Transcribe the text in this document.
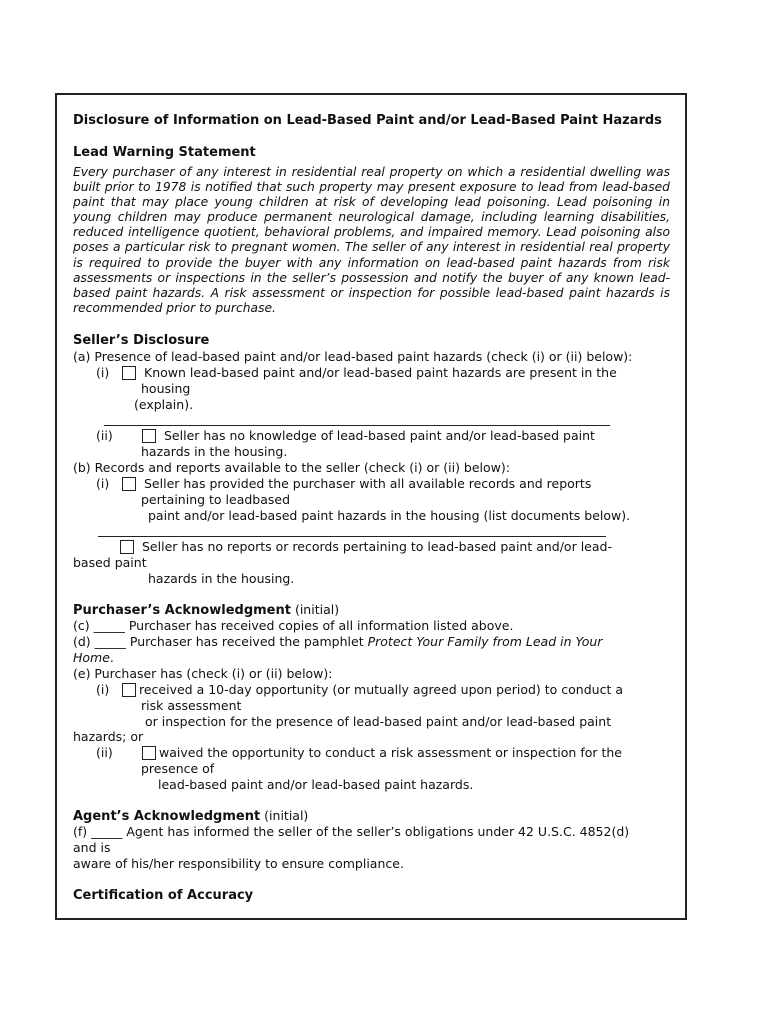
Disclosure of Information on Lead-Based Paint and/or Lead-Based Paint Hazards
Lead Warning Statement
Every purchaser of any interest in residential real property on which a residential dwelling was built prior to 1978 is notified that such property may present exposure to lead from lead-based paint that may place young children at risk of developing lead poisoning. Lead poisoning in young children may produce permanent neurological damage, including learning disabilities, reduced intelligence quotient, behavioral problems, and impaired memory. Lead poisoning also poses a particular risk to pregnant women. The seller of any interest in residential real property is required to provide the buyer with any information on lead-based paint hazards from risk assessments or inspections in the seller’s possession and notify the buyer of any known lead-based paint hazards. A risk assessment or inspection for possible lead-based paint hazards is recommended prior to purchase.
Seller’s Disclosure
(a) Presence of lead-based paint and/or lead-based paint hazards (check (i) or (ii) below):
(i)	Known lead-based paint and/or lead-based paint hazards are present in the
housing
(explain).
(ii)	Seller has no knowledge of lead-based paint and/or lead-based paint
hazards in the housing.
(b) Records and reports available to the seller (check (i) or (ii) below):
(i)	Seller has provided the purchaser with all available records and reports
pertaining to leadbased
paint and/or lead-based paint hazards in the housing (list documents below).
Seller has no reports or records pertaining to lead-based paint and/or lead-
based paint
hazards in the housing.
Purchaser’s Acknowledgment (initial)
(c) _____ Purchaser has received copies of all information listed above.
(d) _____ Purchaser has received the pamphlet Protect Your Family from Lead in Your
Home.
(e) Purchaser has (check (i) or (ii) below):
(i) received a 10-day opportunity (or mutually agreed upon period) to conduct a
risk assessment
or inspection for the presence of lead-based paint and/or lead-based paint
hazards; or
(ii)	waived the opportunity to conduct a risk assessment or inspection for the
presence of
lead-based paint and/or lead-based paint hazards.
Agent’s Acknowledgment (initial)
(f) _____ Agent has informed the seller of the seller’s obligations under 42 U.S.C. 4852(d)
and is
aware of his/her responsibility to ensure compliance.
Certification of Accuracy
